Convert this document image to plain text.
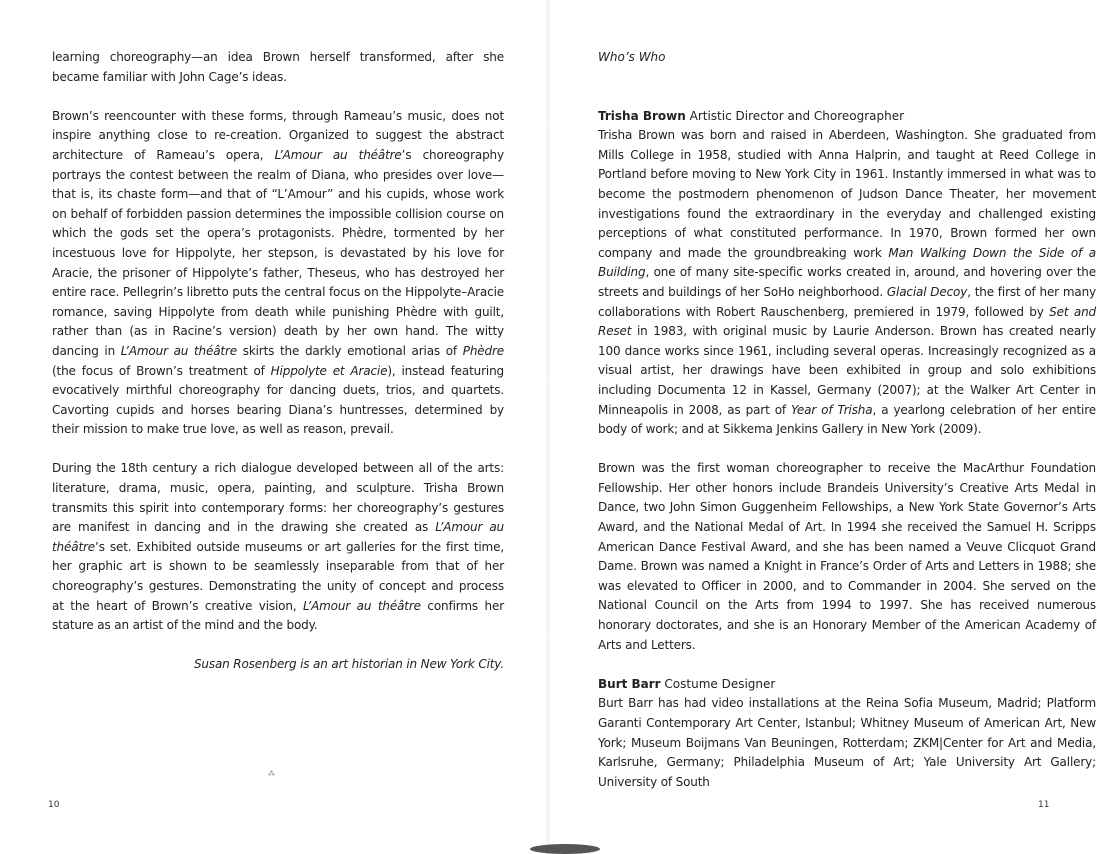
learning choreography—an idea Brown herself transformed, after she became familiar with John Cage’s ideas.

Brown’s reencounter with these forms, through Rameau’s music, does not inspire anything close to re-creation. Organized to suggest the abstract architecture of Rameau’s opera, L’Amour au théâtre’s choreography portrays the contest between the realm of Diana, who presides over love—that is, its chaste form—and that of “L’Amour” and his cupids, whose work on behalf of forbidden passion determines the impossible collision course on which the gods set the opera’s protagonists. Phèdre, tormented by her incestuous love for Hippolyte, her stepson, is devastated by his love for Aracie, the prisoner of Hippolyte’s father, Theseus, who has destroyed her entire race. Pellegrin’s libretto puts the central focus on the Hippolyte–Aracie romance, saving Hippolyte from death while punishing Phèdre with guilt, rather than (as in Racine’s version) death by her own hand. The witty dancing in L’Amour au théâtre skirts the darkly emotional arias of Phèdre (the focus of Brown’s treatment of Hippolyte et Aracie), instead featuring evocatively mirthful choreography for dancing duets, trios, and quartets. Cavorting cupids and horses bearing Diana’s huntresses, determined by their mission to make true love, as well as reason, prevail.

During the 18th century a rich dialogue developed between all of the arts: literature, drama, music, opera, painting, and sculpture. Trisha Brown transmits this spirit into contemporary forms: her choreography’s gestures are manifest in dancing and in the drawing she created as L’Amour au théâtre’s set. Exhibited outside museums or art galleries for the first time, her graphic art is shown to be seamlessly inseparable from that of her choreography’s gestures. Demonstrating the unity of concept and process at the heart of Brown’s creative vision, L’Amour au théâtre confirms her stature as an artist of the mind and the body.

Susan Rosenberg is an art historian in New York City.

10
⁂
Who’s Who
Trisha Brown Artistic Director and Choreographer

Trisha Brown was born and raised in Aberdeen, Washington. She graduated from Mills College in 1958, studied with Anna Halprin, and taught at Reed College in Portland before moving to New York City in 1961. Instantly immersed in what was to become the postmodern phenomenon of Judson Dance Theater, her movement investigations found the extraordinary in the everyday and challenged existing perceptions of what constituted performance. In 1970, Brown formed her own company and made the groundbreaking work Man Walking Down the Side of a Building, one of many site-specific works created in, around, and hovering over the streets and buildings of her SoHo neighborhood. Glacial Decoy, the first of her many collaborations with Robert Rauschenberg, premiered in 1979, followed by Set and Reset in 1983, with original music by Laurie Anderson. Brown has created nearly 100 dance works since 1961, including several operas. Increasingly recognized as a visual artist, her drawings have been exhibited in group and solo exhibitions including Documenta 12 in Kassel, Germany (2007); at the Walker Art Center in Minneapolis in 2008, as part of Year of Trisha, a yearlong celebration of her entire body of work; and at Sikkema Jenkins Gallery in New York (2009).

Brown was the first woman choreographer to receive the MacArthur Foundation Fellowship. Her other honors include Brandeis University’s Creative Arts Medal in Dance, two John Simon Guggenheim Fellowships, a New York State Governor’s Arts Award, and the National Medal of Art. In 1994 she received the Samuel H. Scripps American Dance Festival Award, and she has been named a Veuve Clicquot Grand Dame. Brown was named a Knight in France’s Order of Arts and Letters in 1988; she was elevated to Officer in 2000, and to Commander in 2004. She served on the National Council on the Arts from 1994 to 1997. She has received numerous honorary doctorates, and she is an Honorary Member of the American Academy of Arts and Letters.

Burt Barr Costume Designer

Burt Barr has had video installations at the Reina Sofia Museum, Madrid; Platform Garanti Contemporary Art Center, Istanbul; Whitney Museum of American Art, New York; Museum Boijmans Van Beuningen, Rotterdam; ZKM|Center for Art and Media, Karlsruhe, Germany; Philadelphia Museum of Art; Yale University Art Gallery; University of South

11
